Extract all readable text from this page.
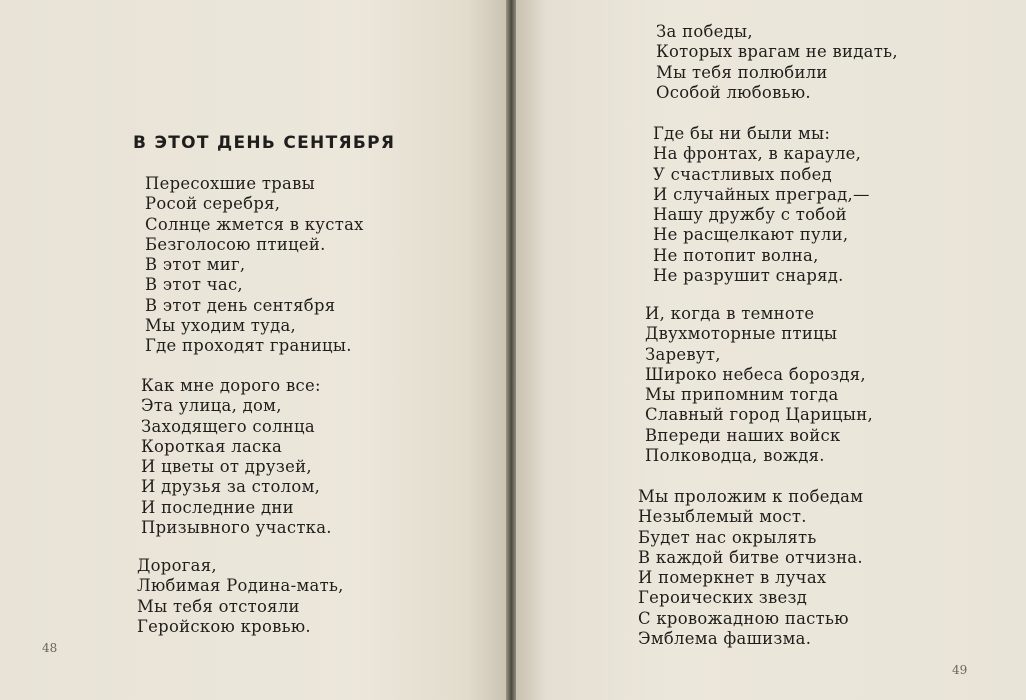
В ЭТОТ ДЕНЬ СЕНТЯБРЯ
Пересохшие травы
Росой серебря,
Солнце жмется в кустах
Безголосою птицей.
В этот миг,
В этот час,
В этот день сентября
Мы уходим туда,
Где проходят границы.
Как мне дорого все:
Эта улица, дом,
Заходящего солнца
Короткая ласка
И цветы от друзей,
И друзья за столом,
И последние дни
Призывного участка.
Дорогая,
Любимая Родина-мать,
Мы тебя отстояли
Геройскою кровью.

48

За победы,
Которых врагам не видать,
Мы тебя полюбили
Особой любовью.
Где бы ни были мы:
На фронтах, в карауле,
У счастливых побед
И случайных преград,—
Нашу дружбу с тобой
Не расщелкают пули,
Не потопит волна,
Не разрушит снаряд.
И, когда в темноте
Двухмоторные птицы
Заревут,
Широко небеса бороздя,
Мы припомним тогда
Славный город Царицын,
Впереди наших войск
Полководца, вождя.
Мы проложим к победам
Незыблемый мост.
Будет нас окрылять
В каждой битве отчизна.
И померкнет в лучах
Героических звезд
С кровожадною пастью
Эмблема фашизма.

49
